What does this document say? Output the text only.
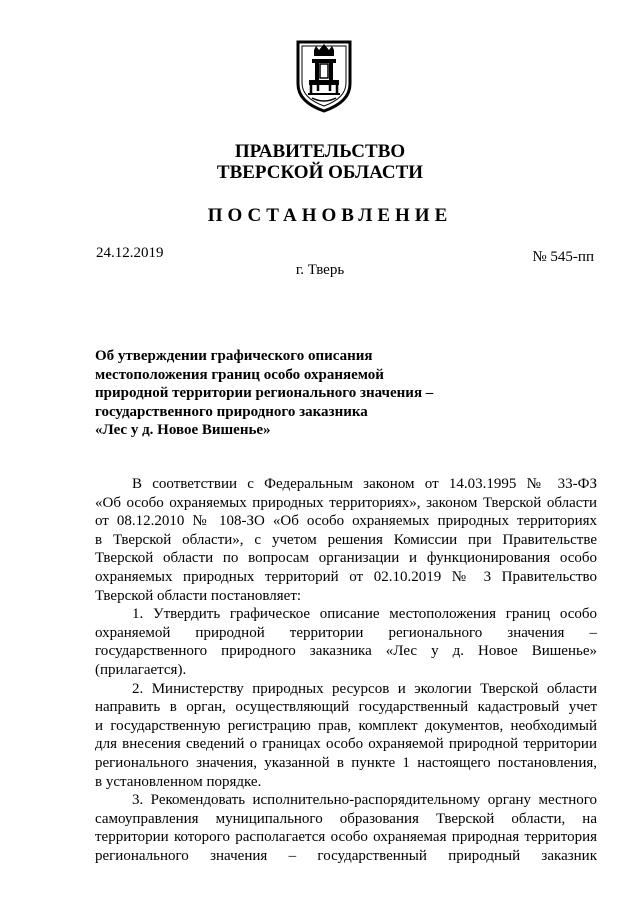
ПРАВИТЕЛЬСТВО
ТВЕРСКОЙ ОБЛАСТИ
ПОСТАНОВЛЕНИЕ
24.12.2019	№ 545-пп
г. Тверь
Об утверждении графического описания
местоположения границ особо охраняемой
природной территории регионального значения –
государственного природного заказника
«Лес у д. Новое Вишенье»
В соответствии с Федеральным законом от 14.03.1995 № 33-ФЗ
«Об особо охраняемых природных территориях», законом Тверской области
от 08.12.2010 № 108-ЗО «Об особо охраняемых природных территориях
в Тверской области», с учетом решения Комиссии при Правительстве
Тверской области по вопросам организации и функционирования особо
охраняемых природных территорий от 02.10.2019 № 3 Правительство
Тверской области постановляет:
1. Утвердить графическое описание местоположения границ особо
охраняемой природной территории регионального значения –
государственного природного заказника «Лес у д. Новое Вишенье»
(прилагается).
2. Министерству природных ресурсов и экологии Тверской области
направить в орган, осуществляющий государственный кадастровый учет
и государственную регистрацию прав, комплект документов, необходимый
для внесения сведений о границах особо охраняемой природной территории
регионального значения, указанной в пункте 1 настоящего постановления,
в установленном порядке.
3. Рекомендовать исполнительно-распорядительному органу местного
самоуправления муниципального образования Тверской области, на
территории которого располагается особо охраняемая природная территория
регионального значения – государственный природный заказник
